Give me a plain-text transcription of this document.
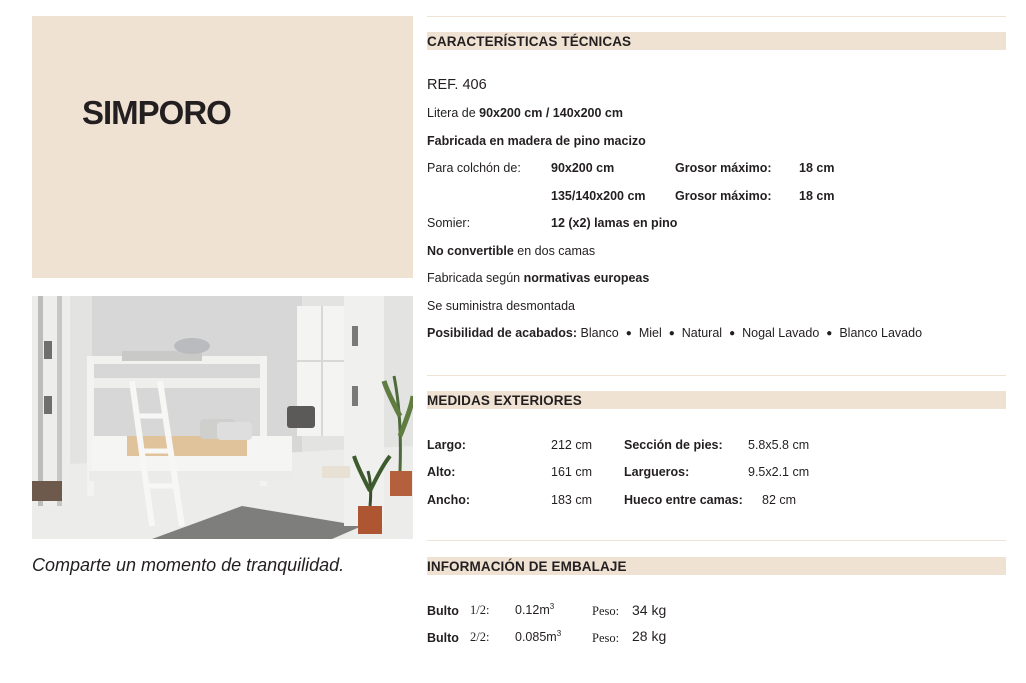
SIMPORO
Comparte un momento de tranquilidad.
CARACTERÍSTICAS TÉCNICAS
REF. 406
Litera de 90x200 cm / 140x200 cm
Fabricada en madera de pino macizo
Para colchón de: 90x200 cm	Grosor máximo: 18 cm
135/140x200 cm Grosor máximo: 18 cm
Somier:	12 (x2) lamas en pino
No convertible en dos camas
Fabricada según normativas europeas
Se suministra desmontada
Posibilidad de acabados: Blanco ● Miel ● Natural ● Nogal Lavado ● Blanco Lavado
MEDIDAS EXTERIORES
Largo:	212 cm	Sección de pies: 5.8x5.8 cm
Alto:	161 cm	Largueros:	9.5x2.1 cm
Ancho:	183 cm	Hueco entre camas: 82 cm
INFORMACIÓN DE EMBALAJE
Bulto 1/2: $0.12m^3$	Peso: 34 kg
Bulto 2/2: $0.085m^3$ Peso: 28 kg
